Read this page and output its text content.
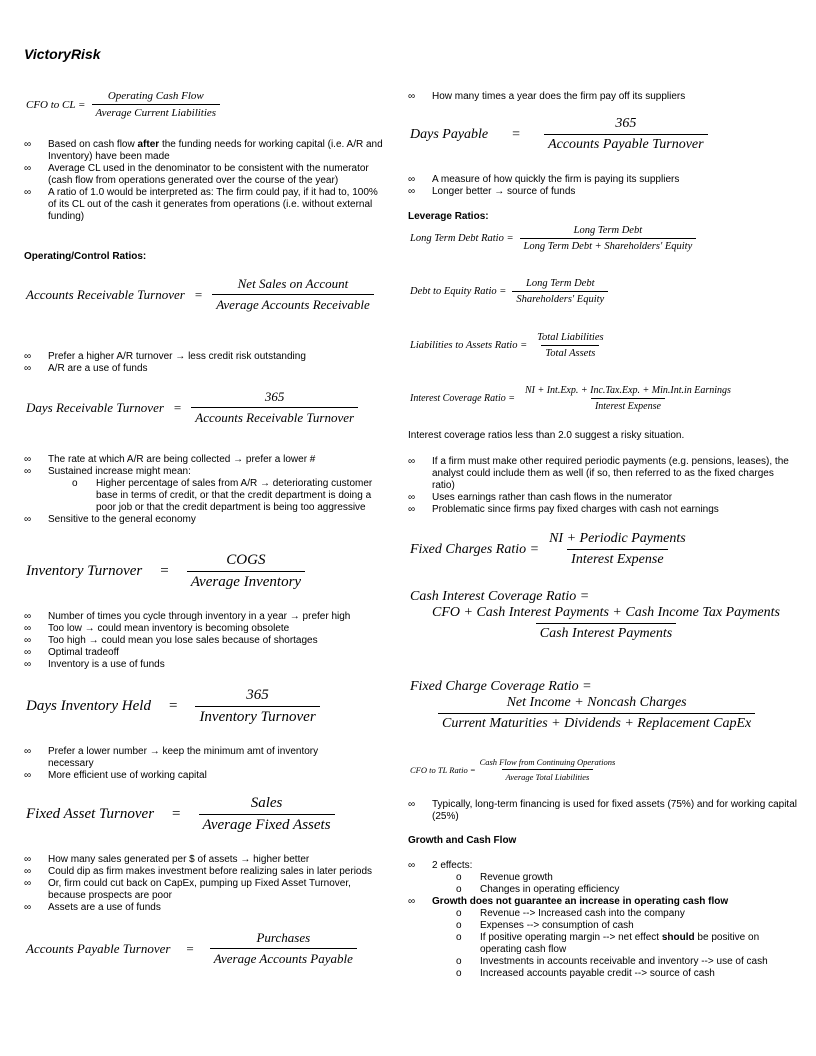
VictoryRisk
CFO to CL = $\frac{\text{Operating Cash Flow}}{\text{Average Current Liabilities}}$
∞ Based on cash flow after the funding needs for working capital (i.e. A/R and Inventory) have been made
∞ Average CL used in the denominator to be consistent with the numerator (cash flow from operations generated over the course of the year)
∞ A ratio of 1.0 would be interpreted as: The firm could pay, if it had to, 100% of its CL out of the cash it generates from operations (i.e. without external funding)
Operating/Control Ratios:
Accounts Receivable Turnover = $\frac{\text{Net Sales on Account}}{\text{Average Accounts Receivable}}$
∞ Prefer a higher A/R turnover → less credit risk outstanding
∞ A/R are a use of funds
Days Receivable Turnover = $\frac{365}{\text{Accounts Receivable Turnover}}$
∞ The rate at which A/R are being collected → prefer a lower #
∞ Sustained increase might mean:
o Higher percentage of sales from A/R → deteriorating customer base in terms of credit, or that the credit department is doing a poor job or that the credit department is being too aggressive
∞ Sensitive to the general economy
Inventory Turnover = $\frac{\text{COGS}}{\text{Average Inventory}}$
∞ Number of times you cycle through inventory in a year → prefer high
∞ Too low → could mean inventory is becoming obsolete
∞ Too high → could mean you lose sales because of shortages
∞ Optimal tradeoff
∞ Inventory is a use of funds
Days Inventory Held = $\frac{365}{\text{Inventory Turnover}}$
∞ Prefer a lower number → keep the minimum amt of inventory necessary
∞ More efficient use of working capital
Fixed Asset Turnover = $\frac{\text{Sales}}{\text{Average Fixed Assets}}$
∞ How many sales generated per $ of assets → higher better
∞ Could dip as firm makes investment before realizing sales in later periods
∞ Or, firm could cut back on CapEx, pumping up Fixed Asset Turnover, because prospects are poor
∞ Assets are a use of funds
Accounts Payable Turnover = $\frac{\text{Purchases}}{\text{Average Accounts Payable}}$
∞ How many times a year does the firm pay off its suppliers
Days Payable = $\frac{365}{\text{Accounts Payable Turnover}}$
∞ A measure of how quickly the firm is paying its suppliers
∞ Longer better → source of funds
Leverage Ratios:
Long Term Debt Ratio = $\frac{\text{Long Term Debt}}{\text{Long Term Debt + Shareholders' Equity}}$
Debt to Equity Ratio = $\frac{\text{Long Term Debt}}{\text{Shareholders' Equity}}$
Liabilities to Assets Ratio = $\frac{\text{Total Liabilities}}{\text{Total Assets}}$
Interest Coverage Ratio = $\frac{\text{NI + Int.Exp. + Inc.Tax.Exp. + Min.Int.in Earnings}}{\text{Interest Expense}}$
Interest coverage ratios less than 2.0 suggest a risky situation.
∞ If a firm must make other required periodic payments (e.g. pensions, leases), the analyst could include them as well (if so, then referred to as the fixed charges ratio)
∞ Uses earnings rather than cash flows in the numerator
∞ Problematic since firms pay fixed charges with cash not earnings
Fixed Charges Ratio = $\frac{\text{NI + Periodic Payments}}{\text{Interest Expense}}$
Cash Interest Coverage Ratio =
$\frac{\text{CFO + Cash Interest Payments + Cash Income Tax Payments}}{\text{Cash Interest Payments}}$
Fixed Charge Coverage Ratio =
$\frac{\text{Net Income + Noncash Charges}}{\text{Current Maturities + Dividends + Replacement CapEx}}$
CFO to TL Ratio = $\frac{\text{Cash Flow from Continuing Operations}}{\text{Average Total Liabilities}}$
∞ Typically, long-term financing is used for fixed assets (75%) and for working capital (25%)
Growth and Cash Flow
∞ 2 effects:
o Revenue growth
o Changes in operating efficiency
∞ Growth does not guarantee an increase in operating cash flow
o Revenue --> Increased cash into the company
o Expenses --> consumption of cash
o If positive operating margin --> net effect should be positive on operating cash flow
o Investments in accounts receivable and inventory --> use of cash
o Increased accounts payable credit --> source of cash
